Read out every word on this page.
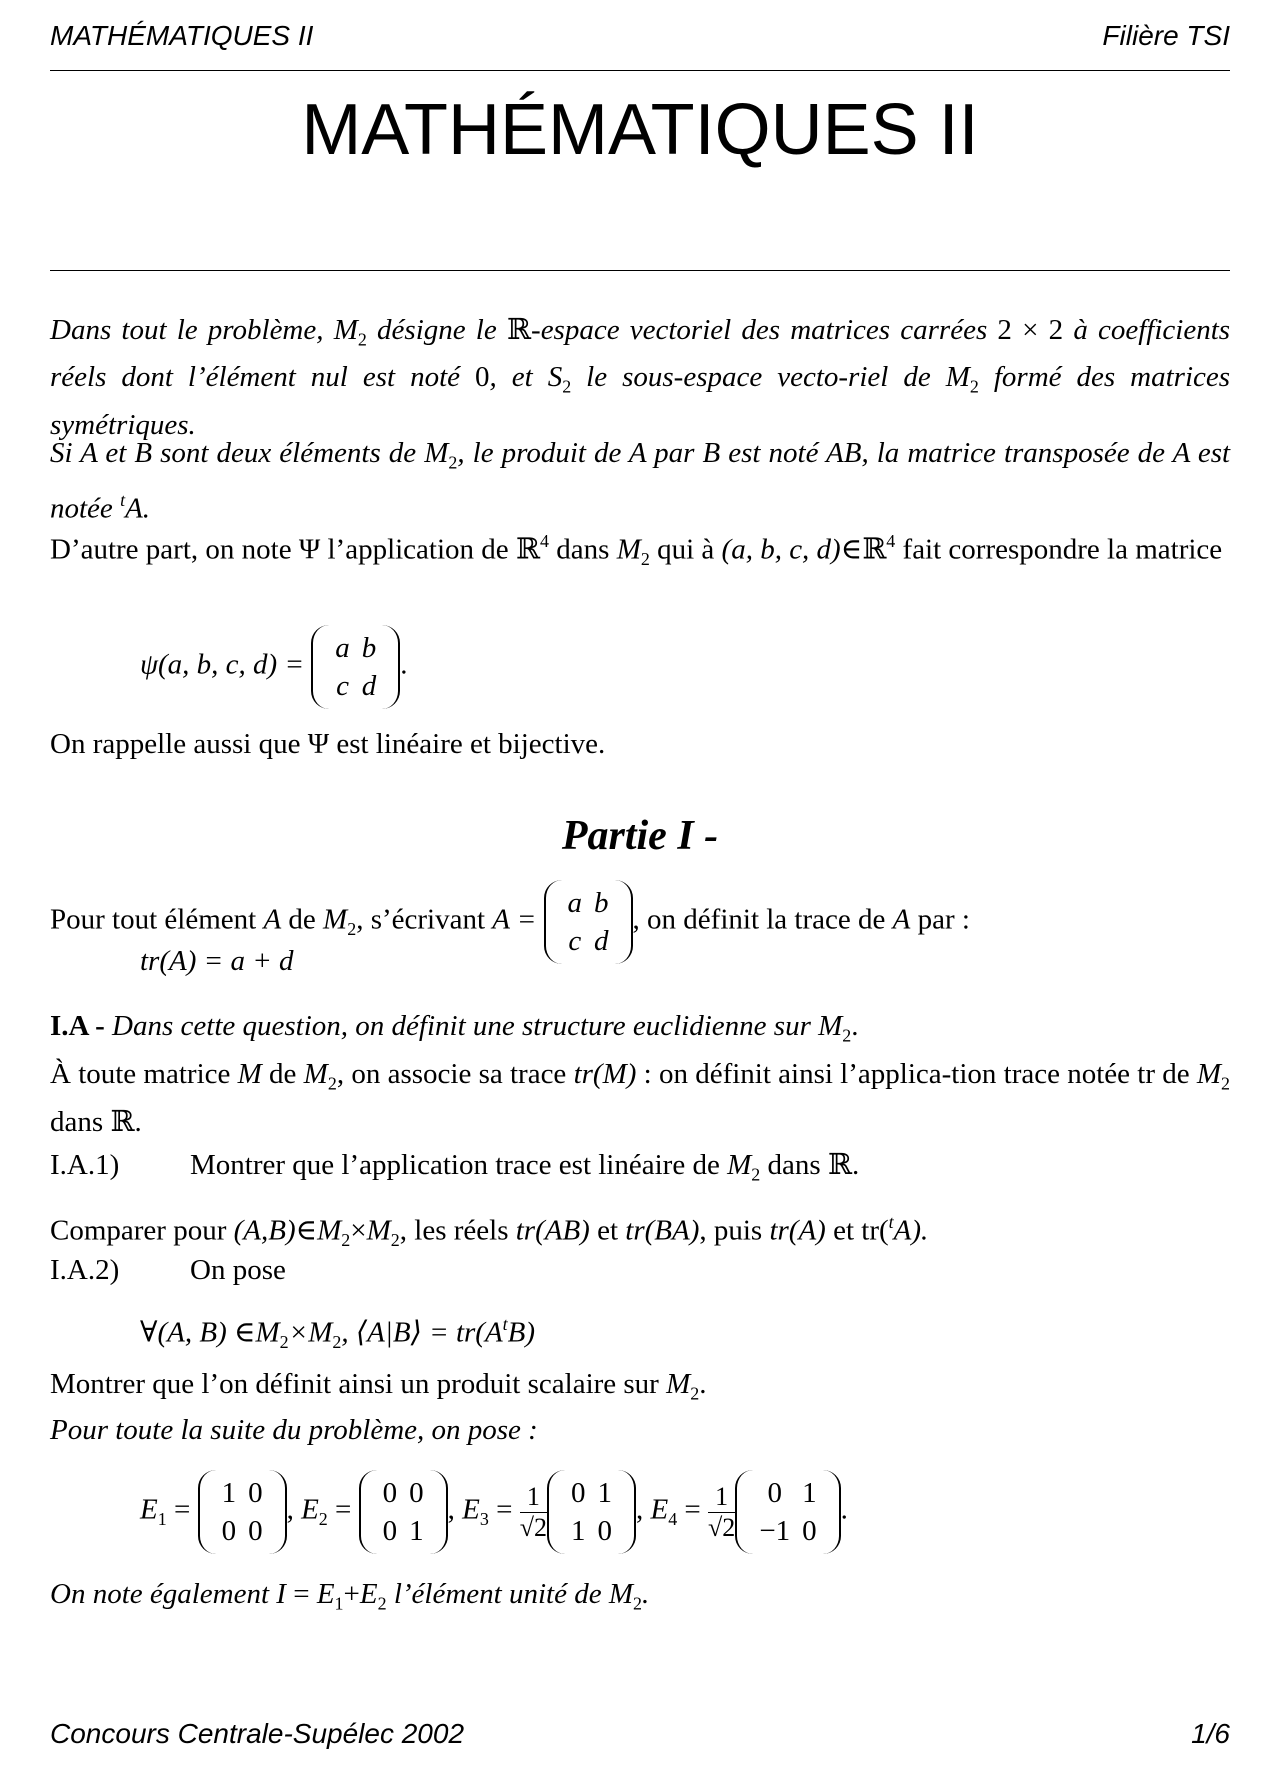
MATHÉMATIQUES II	Filière TSI
MATHÉMATIQUES II
Dans tout le problème, $M_2$ désigne le ℝ-espace vectoriel des matrices carrées 2 × 2 à coefficients réels dont l’élément nul est noté 0, et $S_2$ le sous-espace vecto-riel de $M_2$ formé des matrices symétriques.
Si A et B sont deux éléments de $M_2$, le produit de A par B est noté AB, la matrice transposée de A est notée $^t$A.
D’autre part, on note Ψ l’application de ℝ$^4$ dans $M_2$ qui à (a, b, c, d)∈ℝ$^4$ fait correspondre la matrice
ψ(a, b, c, d) =
a	b
c	d
.
On rappelle aussi que Ψ est linéaire et bijective.
Partie I -
Pour tout élément A de $M_2$, s’écrivant A =
a	b
c	d
, on définit la trace de A par :
tr(A) = a + d
I.A - Dans cette question, on définit une structure euclidienne sur $M_2$.
À toute matrice M de $M_2$, on associe sa trace tr(M) : on définit ainsi l’applica-tion trace notée tr de $M_2$ dans ℝ.
I.A.1) Montrer que l’application trace est linéaire de $M_2$ dans ℝ.
Comparer pour $(A,B)\in M_2\times M_2$, les réels tr(AB) et tr(BA), puis tr(A) et tr($^t$A).
I.A.2) On pose
∀(A, B) $\in M_2\times M_2$, ⟨A|B⟩ = $tr(A^tB)$
Montrer que l’on définit ainsi un produit scalaire sur $M_2$.
Pour toute la suite du problème, on pose :
$E_1$ =
1	0
0	0
, $E_2$ =
0	0
0	1
, $E_3 = \frac{1}{√2} 0$	1
1	0
, $E_4 = \frac{1}{√2} 0$	1
−1	0
.
On note également $I = E_1+E_2$ l’élément unité de $M_2$.
Concours Centrale-Supélec 2002	1/6
